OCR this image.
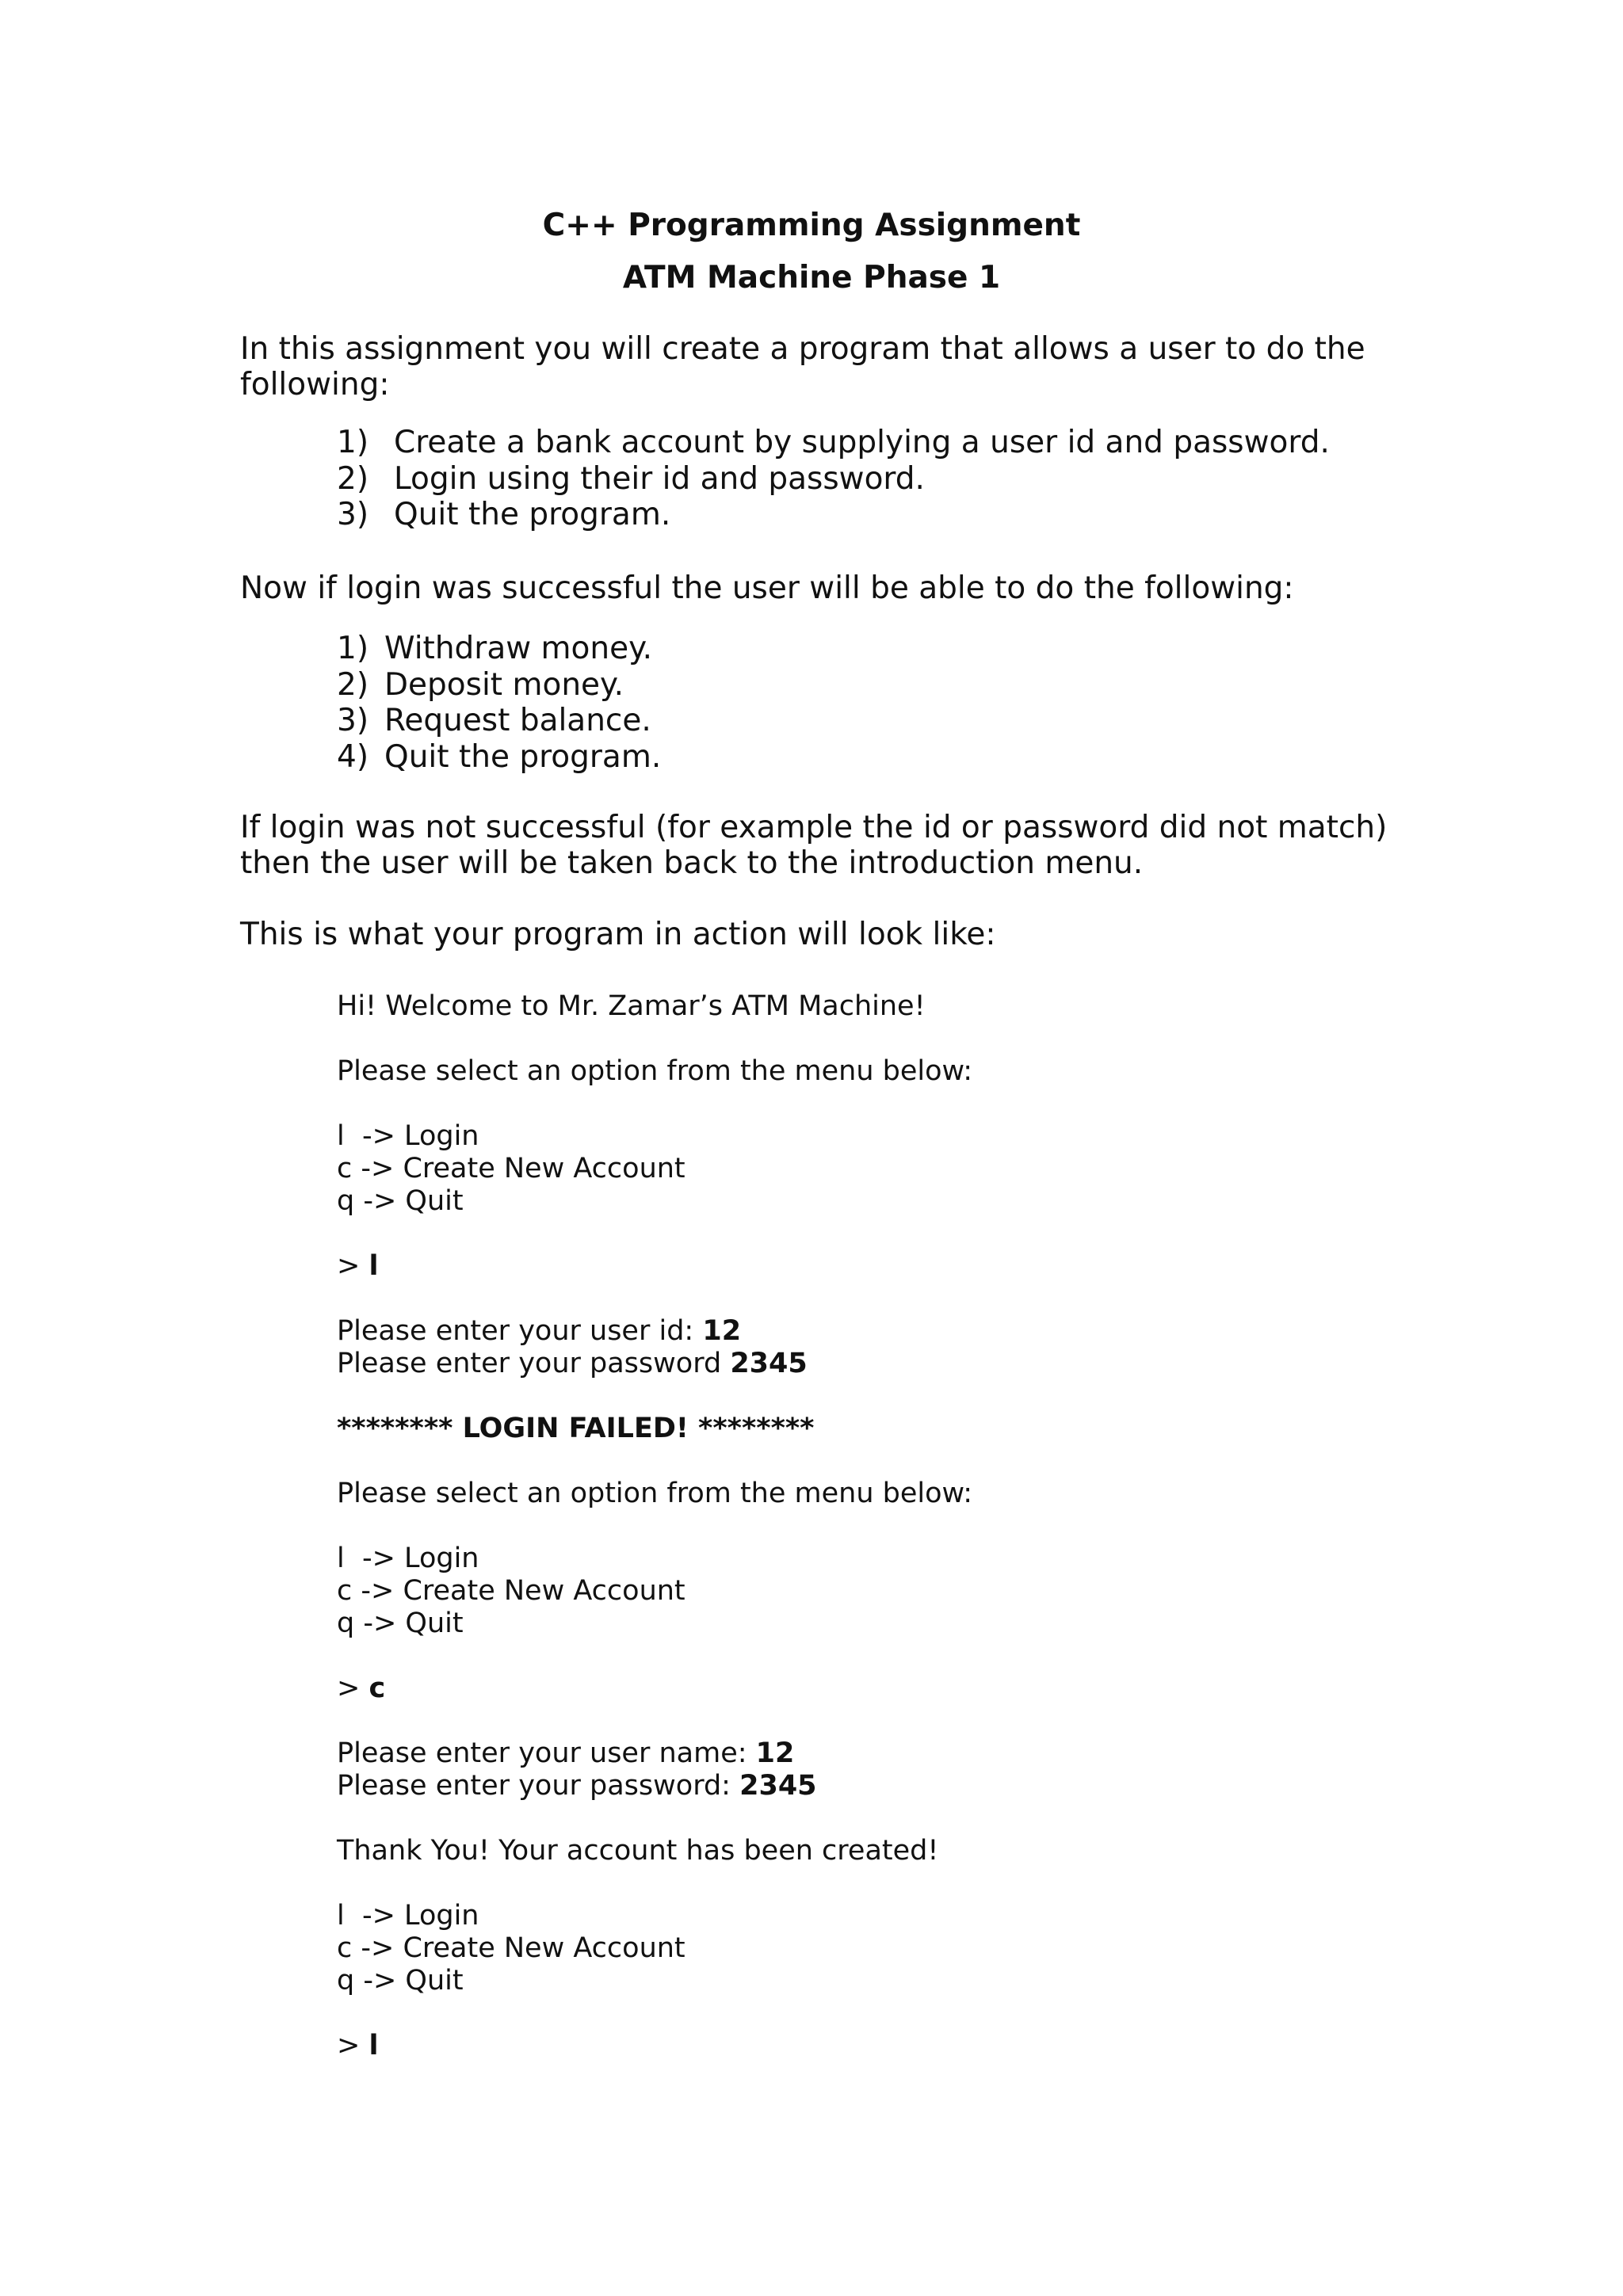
C++ Programming Assignment
ATM Machine Phase 1

In this assignment you will create a program that allows a user to do the following:

1) Create a bank account by supplying a user id and password.
2) Login using their id and password.
3) Quit the program.

Now if login was successful the user will be able to do the following:

1) Withdraw money.
2) Deposit money.
3) Request balance.
4) Quit the program.

If login was not successful (for example the id or password did not match) then the user will be taken back to the introduction menu.

This is what your program in action will look like:

Hi! Welcome to Mr. Zamar’s ATM Machine!

Please select an option from the menu below:

l  -> Login

c -> Create New Account

q -> Quit

> l

Please enter your user id: 12

Please enter your password 2345

******** LOGIN FAILED! ********

Please select an option from the menu below:

l  -> Login

c -> Create New Account

q -> Quit

> c

Please enter your user name: 12

Please enter your password: 2345

Thank You! Your account has been created!

l  -> Login

c -> Create New Account

q -> Quit

> l
